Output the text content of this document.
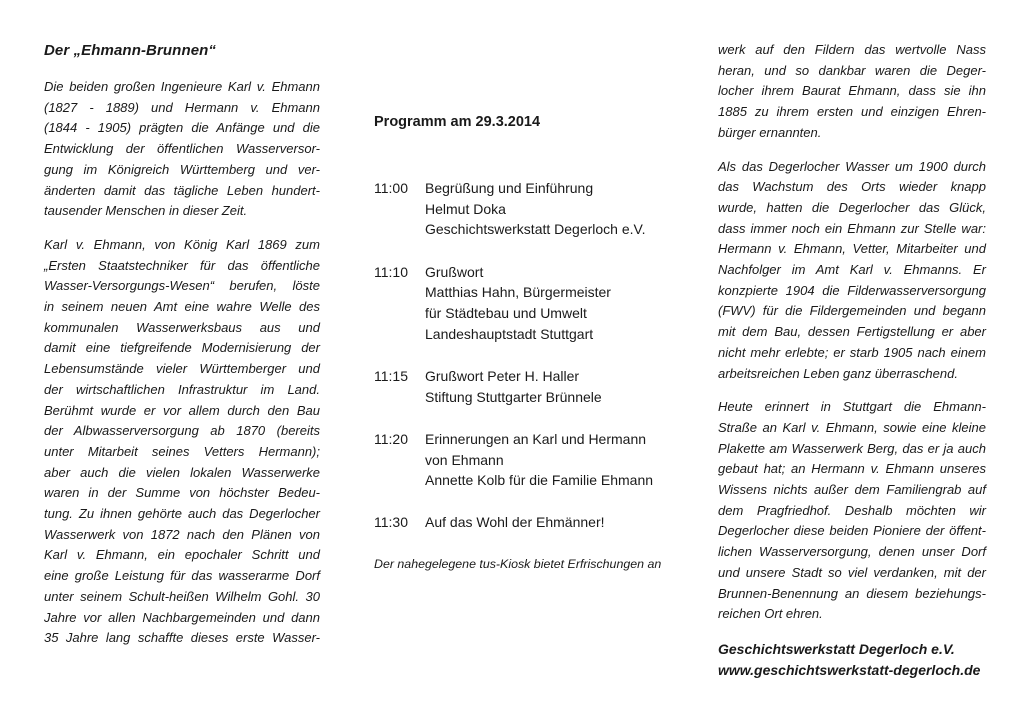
Der „Ehmann-Brunnen“
Die beiden großen Ingenieure Karl v. Ehmann
(1827 - 1889) und Hermann v. Ehmann
(1844 - 1905) prägten die Anfänge und die
Entwicklung der öffentlichen Wasserversor-
gung im Königreich Württemberg und ver-
änderten damit das tägliche Leben hundert-
tausender Menschen in dieser Zeit.
Karl v. Ehmann, von König Karl 1869 zum
„Ersten Staatstechniker für das öffentliche
Wasser-Versorgungs-Wesen“ berufen, löste
in seinem neuen Amt eine wahre Welle des
kommunalen Wasserwerksbaus aus und
damit eine tiefgreifende Modernisierung der
Lebensumstände vieler Württemberger und
der wirtschaftlichen Infrastruktur im Land.
Berühmt wurde er vor allem durch den Bau
der Albwasserversorgung ab 1870 (bereits
unter Mitarbeit seines Vetters Hermann);
aber auch die vielen lokalen Wasserwerke
waren in der Summe von höchster Bedeu-
tung. Zu ihnen gehörte auch das Degerlocher
Wasserwerk von 1872 nach den Plänen von
Karl v. Ehmann, ein epochaler Schritt und
eine große Leistung für das wasserarme Dorf
unter seinem Schult-heißen Wilhelm Gohl. 30
Jahre vor allen Nachbargemeinden und dann
35 Jahre lang schaffte dieses erste Wasser-
Programm am 29.3.2014
11:00	Begrüßung und Einführung
Helmut Doka
Geschichtswerkstatt Degerloch e.V.
11:10	Grußwort
Matthias Hahn, Bürgermeister
für Städtebau und Umwelt
Landeshauptstadt Stuttgart
11:15	Grußwort Peter H. Haller
Stiftung Stuttgarter Brünnele
11:20	Erinnerungen an Karl und Hermann
von Ehmann
Annette Kolb für die Familie Ehmann
11:30	Auf das Wohl der Ehmänner!
Der nahegelegene tus-Kiosk bietet Erfrischungen an
werk auf den Fildern das wertvolle Nass
heran, und so dankbar waren die Deger-
locher ihrem Baurat Ehmann, dass sie ihn
1885 zu ihrem ersten und einzigen Ehren-
bürger ernannten.
Als das Degerlocher Wasser um 1900 durch
das Wachstum des Orts wieder knapp
wurde, hatten die Degerlocher das Glück,
dass immer noch ein Ehmann zur Stelle war:
Hermann v. Ehmann, Vetter, Mitarbeiter und
Nachfolger im Amt Karl v. Ehmanns. Er
konzpierte 1904 die Filderwasserversorgung
(FWV) für die Fildergemeinden und begann
mit dem Bau, dessen Fertigstellung er aber
nicht mehr erlebte; er starb 1905 nach einem
arbeitsreichen Leben ganz überraschend.
Heute erinnert in Stuttgart die Ehmann-
Straße an Karl v. Ehmann, sowie eine kleine
Plakette am Wasserwerk Berg, das er ja auch
gebaut hat; an Hermann v. Ehmann unseres
Wissens nichts außer dem Familiengrab auf
dem Pragfriedhof. Deshalb möchten wir
Degerlocher diese beiden Pioniere der öffent-
lichen Wasserversorgung, denen unser Dorf
und unsere Stadt so viel verdanken, mit der
Brunnen-Benennung an diesem beziehungs-
reichen Ort ehren.
Geschichtswerkstatt Degerloch e.V.
www.geschichtswerkstatt-degerloch.de
